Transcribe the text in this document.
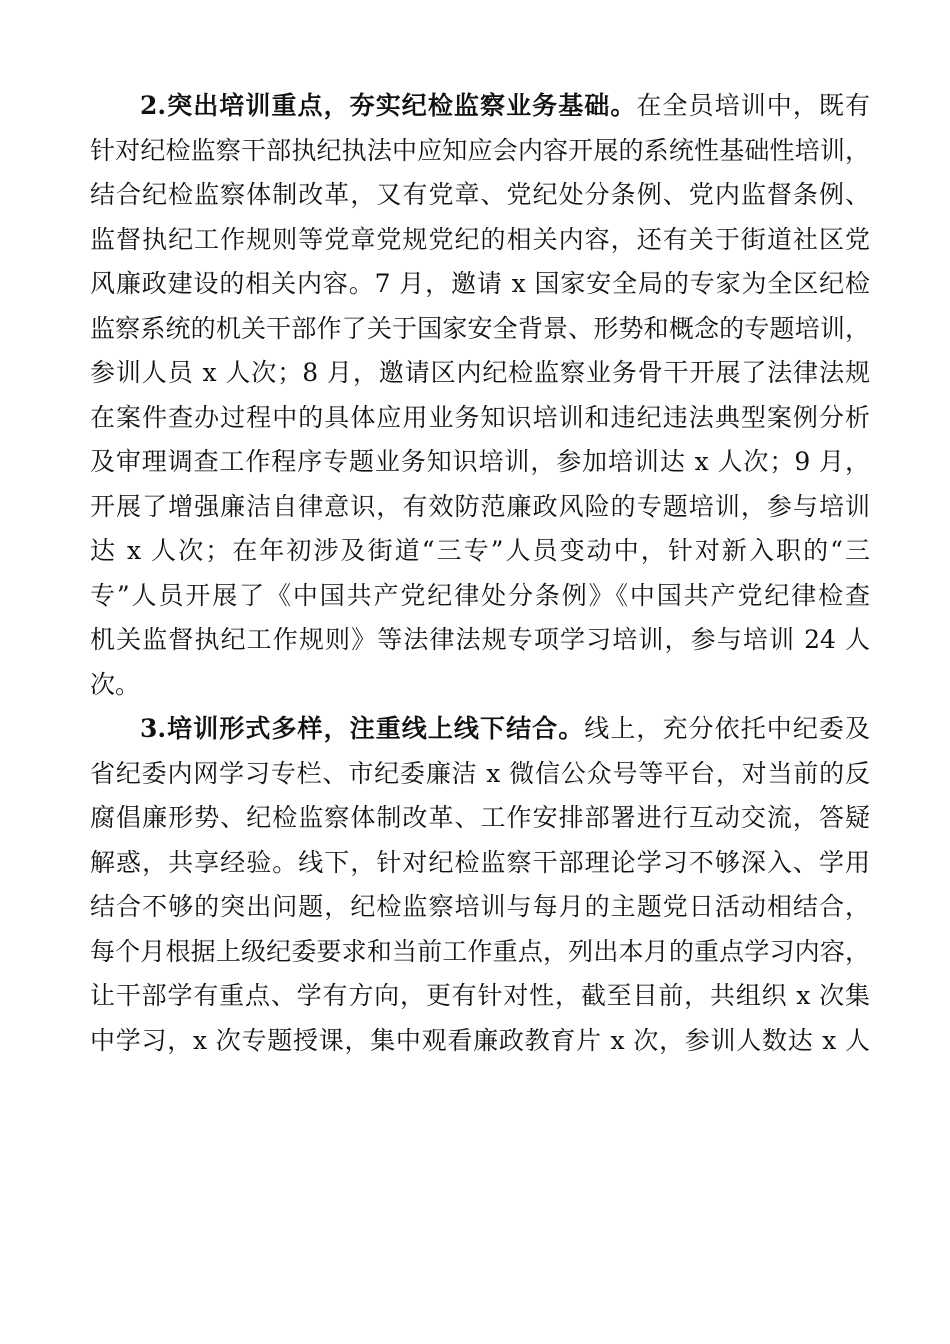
2.突出培训重点，夯实纪检监察业务基础。在全员培训中，既有
针对纪检监察干部执纪执法中应知应会内容开展的系统性基础性培训，
结合纪检监察体制改革，又有党章、党纪处分条例、党内监督条例、
监督执纪工作规则等党章党规党纪的相关内容，还有关于街道社区党
风廉政建设的相关内容。7 月，邀请 x 国家安全局的专家为全区纪检
监察系统的机关干部作了关于国家安全背景、形势和概念的专题培训，
参训人员 x 人次；8 月，邀请区内纪检监察业务骨干开展了法律法规
在案件查办过程中的具体应用业务知识培训和违纪违法典型案例分析
及审理调查工作程序专题业务知识培训，参加培训达 x 人次；9 月，
开展了增强廉洁自律意识，有效防范廉政风险的专题培训，参与培训
达 x 人次；在年初涉及街道“三专”人员变动中，针对新入职的“三
专”人员开展了《中国共产党纪律处分条例》《中国共产党纪律检查
机关监督执纪工作规则》等法律法规专项学习培训，参与培训 24 人
次。
3.培训形式多样，注重线上线下结合。线上，充分依托中纪委及
省纪委内网学习专栏、市纪委廉洁 x 微信公众号等平台，对当前的反
腐倡廉形势、纪检监察体制改革、工作安排部署进行互动交流，答疑
解惑，共享经验。线下，针对纪检监察干部理论学习不够深入、学用
结合不够的突出问题，纪检监察培训与每月的主题党日活动相结合，
每个月根据上级纪委要求和当前工作重点，列出本月的重点学习内容，
让干部学有重点、学有方向，更有针对性，截至目前，共组织 x 次集
中学习，x 次专题授课，集中观看廉政教育片 x 次，参训人数达 x 人
